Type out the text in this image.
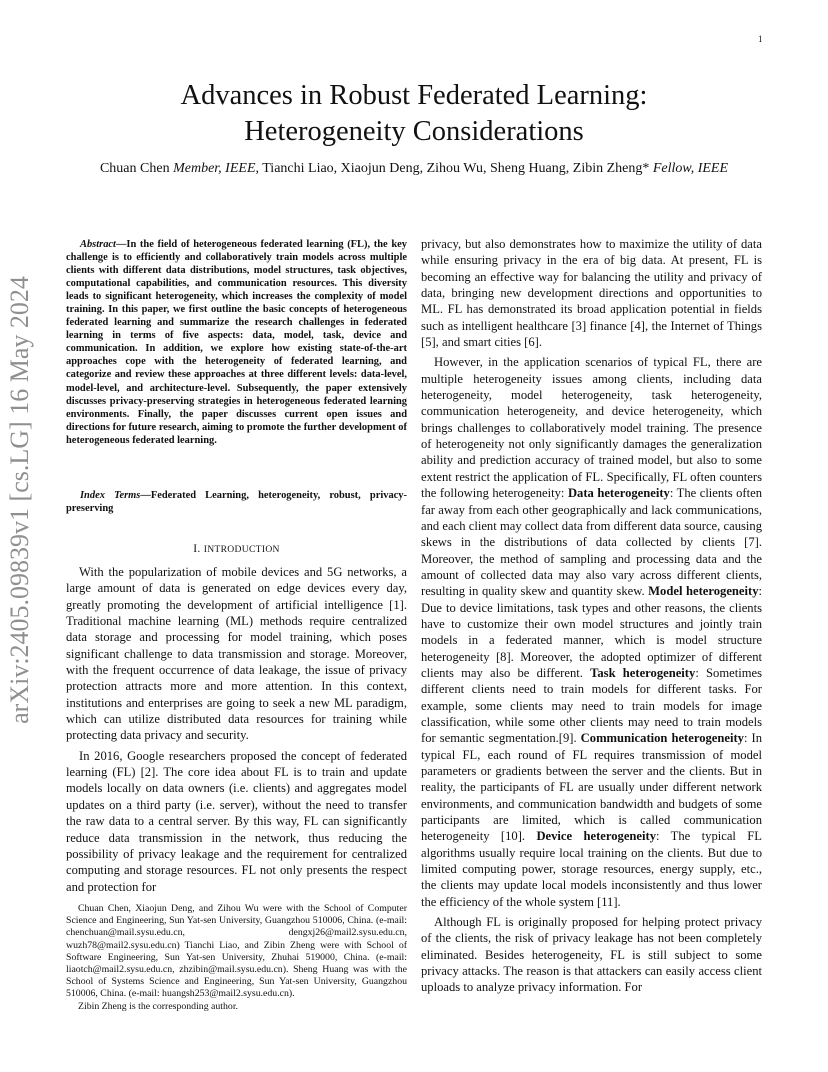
1
arXiv:2405.09839v1 [cs.LG] 16 May 2024
Advances in Robust Federated Learning:
Heterogeneity Considerations
Chuan Chen Member, IEEE, Tianchi Liao, Xiaojun Deng, Zihou Wu, Sheng Huang, Zibin Zheng* Fellow, IEEE

Abstract—In the field of heterogeneous federated learning (FL), the key challenge is to efficiently and collaboratively train models across multiple clients with different data distributions, model structures, task objectives, computational capabilities, and communication resources. This diversity leads to significant heterogeneity, which increases the complexity of model training. In this paper, we first outline the basic concepts of heterogeneous federated learning and summarize the research challenges in federated learning in terms of five aspects: data, model, task, device and communication. In addition, we explore how existing state-of-the-art approaches cope with the heterogeneity of federated learning, and categorize and review these approaches at three different levels: data-level, model-level, and architecture-level. Subsequently, the paper extensively discusses privacy-preserving strategies in heterogeneous federated learning environments. Finally, the paper discusses current open issues and directions for future research, aiming to promote the further development of heterogeneous federated learning.

Index Terms—Federated Learning, heterogeneity, robust, privacy-preserving

I. INTRODUCTION

With the popularization of mobile devices and 5G networks, a large amount of data is generated on edge devices every day, greatly promoting the development of artificial intelligence [1]. Traditional machine learning (ML) methods require centralized data storage and processing for model training, which poses significant challenge to data transmission and storage. Moreover, with the frequent occurrence of data leakage, the issue of privacy protection attracts more and more attention. In this context, institutions and enterprises are going to seek a new ML paradigm, which can utilize distributed data resources for training while protecting data privacy and security.

In 2016, Google researchers proposed the concept of federated learning (FL) [2]. The core idea about FL is to train and update models locally on data owners (i.e. clients) and aggregates model updates on a third party (i.e. server), without the need to transfer the raw data to a central server. By this way, FL can significantly reduce data transmission in the network, thus reducing the possibility of privacy leakage and the requirement for centralized computing and storage resources. FL not only presents the respect and protection for

Chuan Chen, Xiaojun Deng, and Zihou Wu were with the School of Computer Science and Engineering, Sun Yat-sen University, Guangzhou 510006, China. (e-mail: chenchuan@mail.sysu.edu.cn, dengxj26@mail2.sysu.edu.cn, wuzh78@mail2.sysu.edu.cn) Tianchi Liao, and Zibin Zheng were with School of Software Engineering, Sun Yat-sen University, Zhuhai 519000, China. (e-mail: liaotch@mail2.sysu.edu.cn, zhzibin@mail.sysu.edu.cn). Sheng Huang was with the School of Systems Science and Engineering, Sun Yat-sen University, Guangzhou 510006, China. (e-mail: huangsh253@mail2.sysu.edu.cn).

Zibin Zheng is the corresponding author.

privacy, but also demonstrates how to maximize the utility of data while ensuring privacy in the era of big data. At present, FL is becoming an effective way for balancing the utility and privacy of data, bringing new development directions and opportunities to ML. FL has demonstrated its broad application potential in fields such as intelligent healthcare [3] finance [4], the Internet of Things [5], and smart cities [6].

However, in the application scenarios of typical FL, there are multiple heterogeneity issues among clients, including data heterogeneity, model heterogeneity, task heterogeneity, communication heterogeneity, and device heterogeneity, which brings challenges to collaboratively model training. The presence of heterogeneity not only significantly damages the generalization ability and prediction accuracy of trained model, but also to some extent restrict the application of FL. Specifically, FL often counters the following heterogeneity: Data heterogeneity: The clients often far away from each other geographically and lack communications, and each client may collect data from different data source, causing skews in the distributions of data collected by clients [7]. Moreover, the method of sampling and processing data and the amount of collected data may also vary across different clients, resulting in quality skew and quantity skew. Model heterogeneity: Due to device limitations, task types and other reasons, the clients have to customize their own model structures and jointly train models in a federated manner, which is model structure heterogeneity [8]. Moreover, the adopted optimizer of different clients may also be different. Task heterogeneity: Sometimes different clients need to train models for different tasks. For example, some clients may need to train models for image classification, while some other clients may need to train models for semantic segmentation.[9]. Communication heterogeneity: In typical FL, each round of FL requires transmission of model parameters or gradients between the server and the clients. But in reality, the participants of FL are usually under different network environments, and communication bandwidth and budgets of some participants are limited, which is called communication heterogeneity [10]. Device heterogeneity: The typical FL algorithms usually require local training on the clients. But due to limited computing power, storage resources, energy supply, etc., the clients may update local models inconsistently and thus lower the efficiency of the whole system [11].

Although FL is originally proposed for helping protect privacy of the clients, the risk of privacy leakage has not been completely eliminated. Besides heterogeneity, FL is still subject to some privacy attacks. The reason is that attackers can easily access client uploads to analyze privacy information. For
